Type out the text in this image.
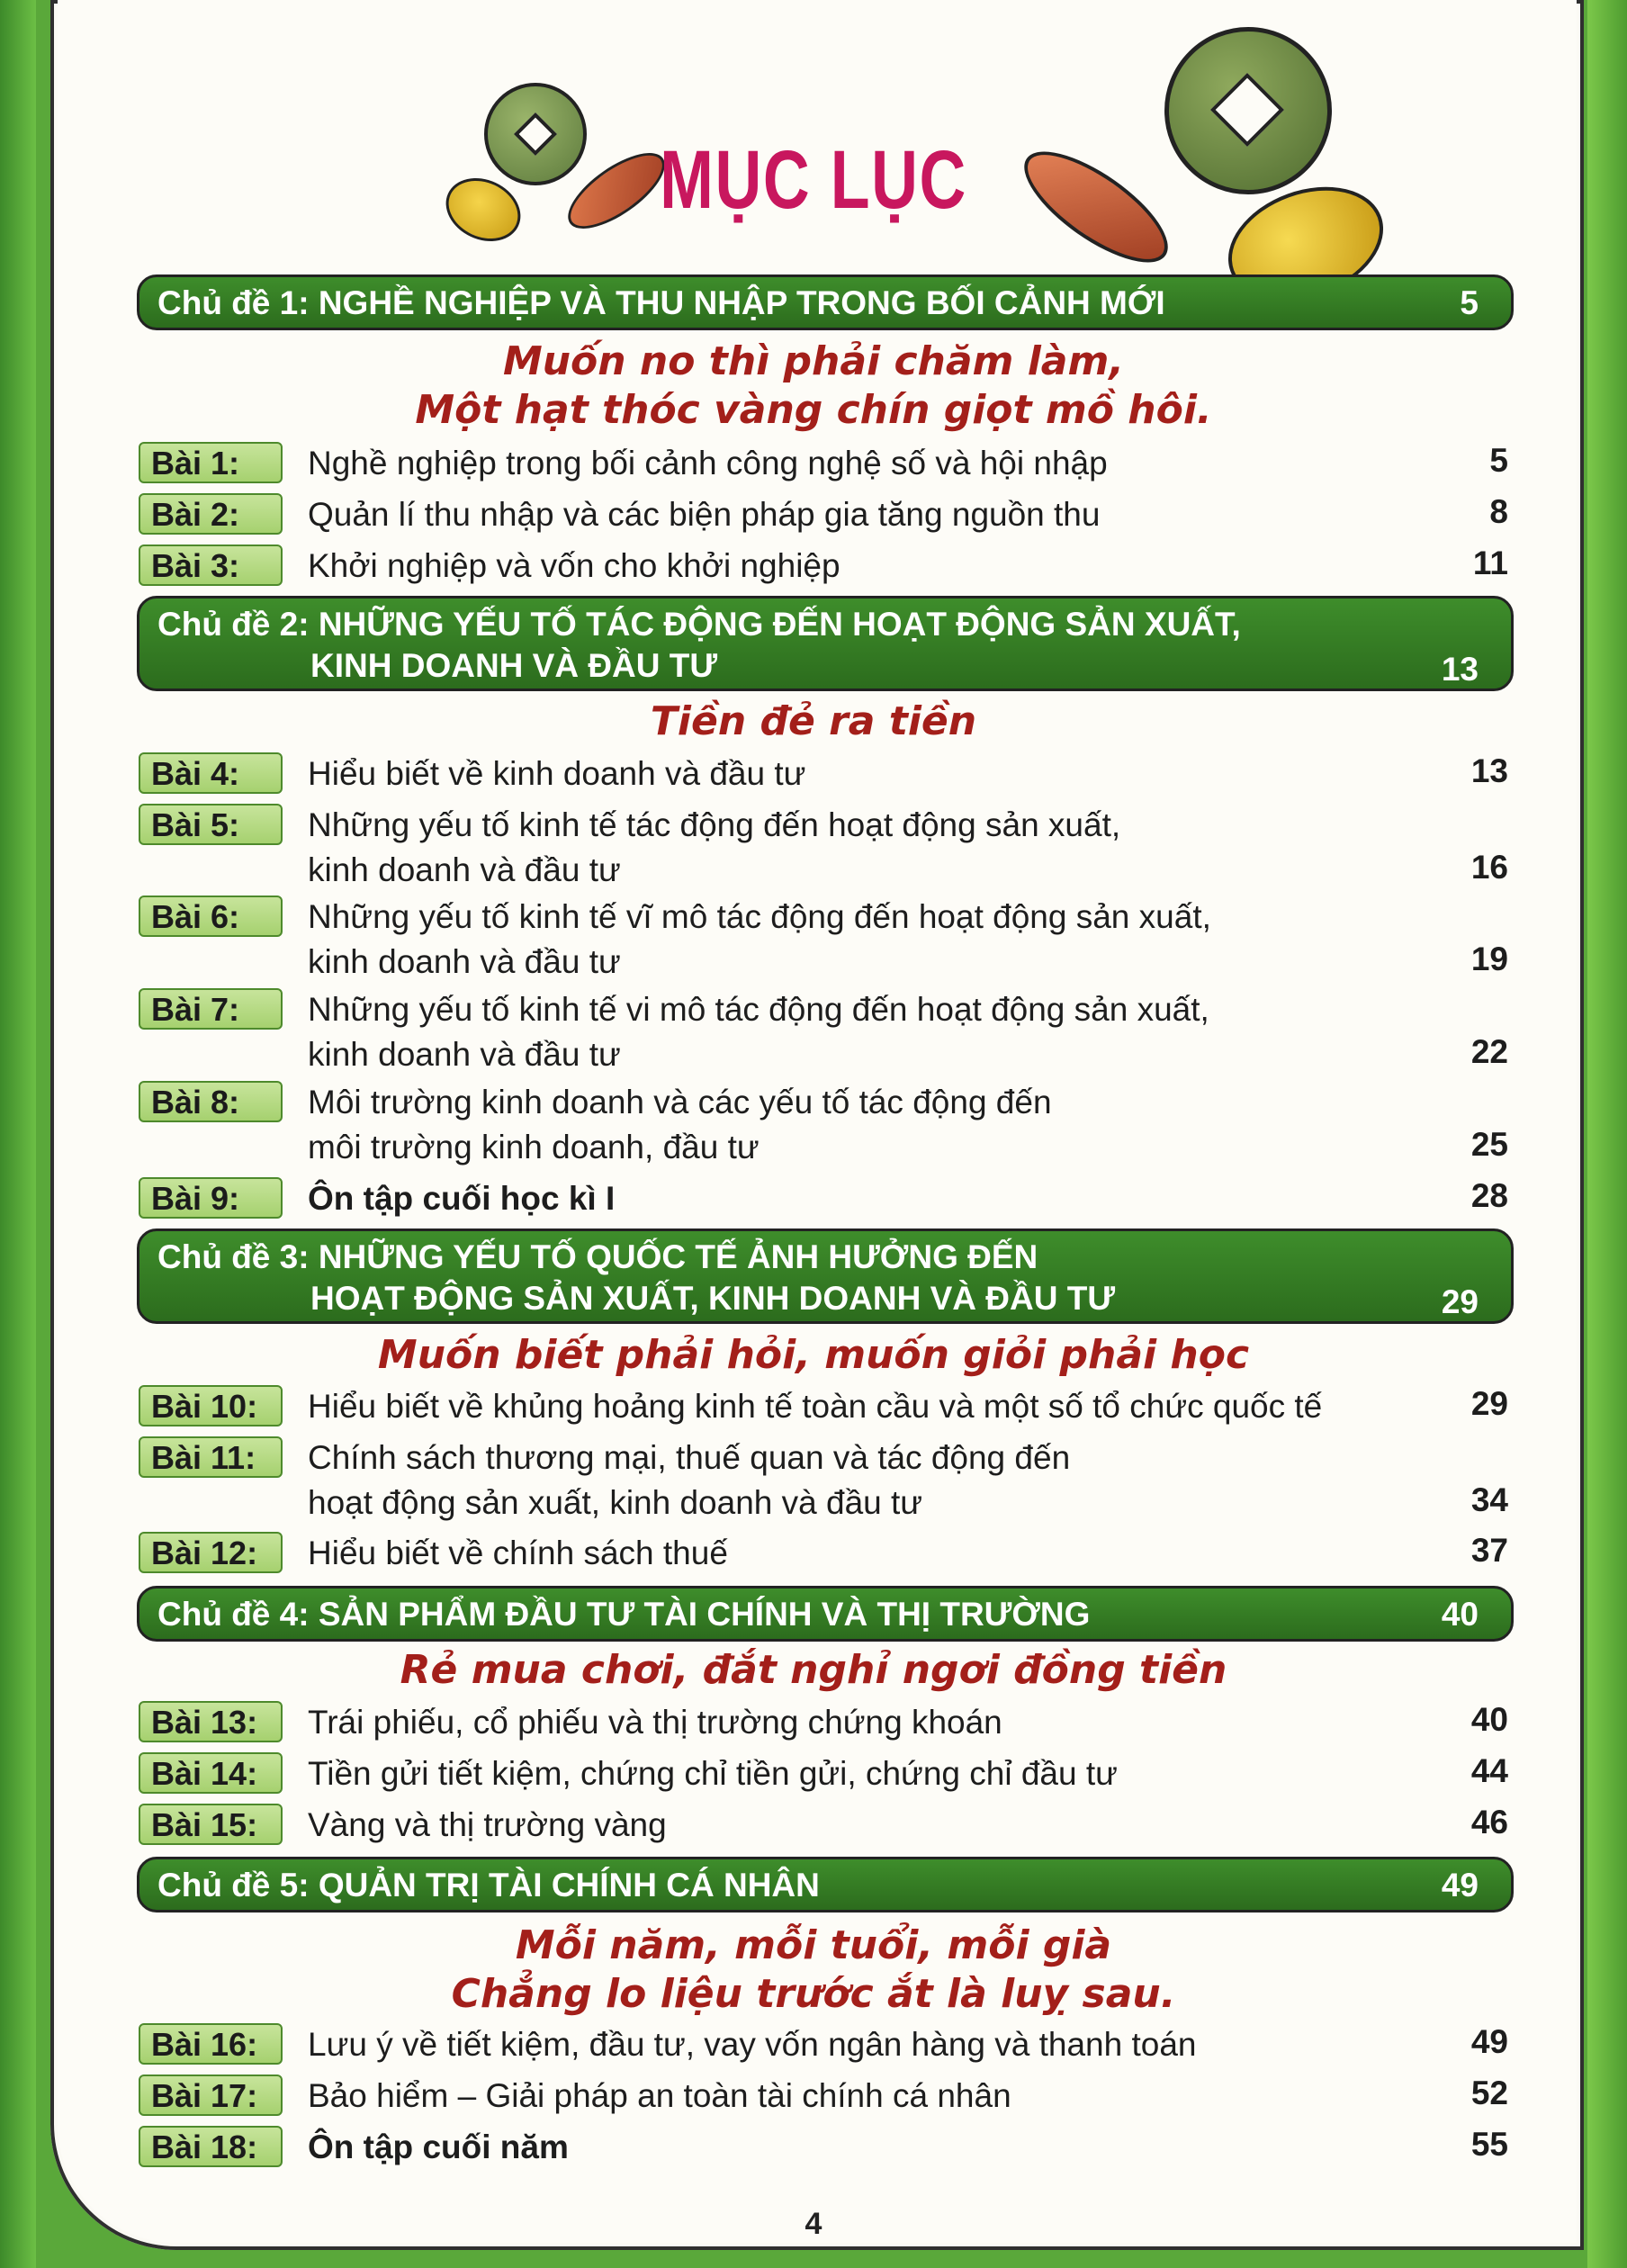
MỤC LỤC
Chủ đề 1: NGHỀ NGHIỆP VÀ THU NHẬP TRONG BỐI CẢNH MỚI	5
Muốn no thì phải chăm làm,
Một hạt thóc vàng chín giọt mồ hôi.
Bài 1:	Nghề nghiệp trong bối cảnh công nghệ số và hội nhập	5
Bài 2:	Quản lí thu nhập và các biện pháp gia tăng nguồn thu	8
Bài 3:	Khởi nghiệp và vốn cho khởi nghiệp	11
Chủ đề 2: NHỮNG YẾU TỐ TÁC ĐỘNG ĐẾN HOẠT ĐỘNG SẢN XUẤT,
KINH DOANH VÀ ĐẦU TƯ	13
Tiền đẻ ra tiền
Bài 4:	Hiểu biết về kinh doanh và đầu tư	13
Bài 5:	Những yếu tố kinh tế tác động đến hoạt động sản xuất,
kinh doanh và đầu tư	16
Bài 6:	Những yếu tố kinh tế vĩ mô tác động đến hoạt động sản xuất,
kinh doanh và đầu tư	19
Bài 7:	Những yếu tố kinh tế vi mô tác động đến hoạt động sản xuất,
kinh doanh và đầu tư	22
Bài 8:	Môi trường kinh doanh và các yếu tố tác động đến
môi trường kinh doanh, đầu tư	25
Bài 9:	Ôn tập cuối học kì I	28
Chủ đề 3: NHỮNG YẾU TỐ QUỐC TẾ ẢNH HƯỞNG ĐẾN
HOẠT ĐỘNG SẢN XUẤT, KINH DOANH VÀ ĐẦU TƯ	29
Muốn biết phải hỏi, muốn giỏi phải học
Bài 10:	Hiểu biết về khủng hoảng kinh tế toàn cầu và một số tổ chức quốc tế	29
Bài 11:	Chính sách thương mại, thuế quan và tác động đến
hoạt động sản xuất, kinh doanh và đầu tư	34
Bài 12:	Hiểu biết về chính sách thuế	37
Chủ đề 4: SẢN PHẨM ĐẦU TƯ TÀI CHÍNH VÀ THỊ TRƯỜNG	40
Rẻ mua chơi, đắt nghỉ ngơi đồng tiền
Bài 13:	Trái phiếu, cổ phiếu và thị trường chứng khoán	40
Bài 14:	Tiền gửi tiết kiệm, chứng chỉ tiền gửi, chứng chỉ đầu tư	44
Bài 15:	Vàng và thị trường vàng	46
Chủ đề 5: QUẢN TRỊ TÀI CHÍNH CÁ NHÂN	49
Mỗi năm, mỗi tuổi, mỗi già
Chẳng lo liệu trước ắt là luỵ sau.
Bài 16:	Lưu ý về tiết kiệm, đầu tư, vay vốn ngân hàng và thanh toán	49
Bài 17:	Bảo hiểm – Giải pháp an toàn tài chính cá nhân	52
Bài 18:	Ôn tập cuối năm	55
4
